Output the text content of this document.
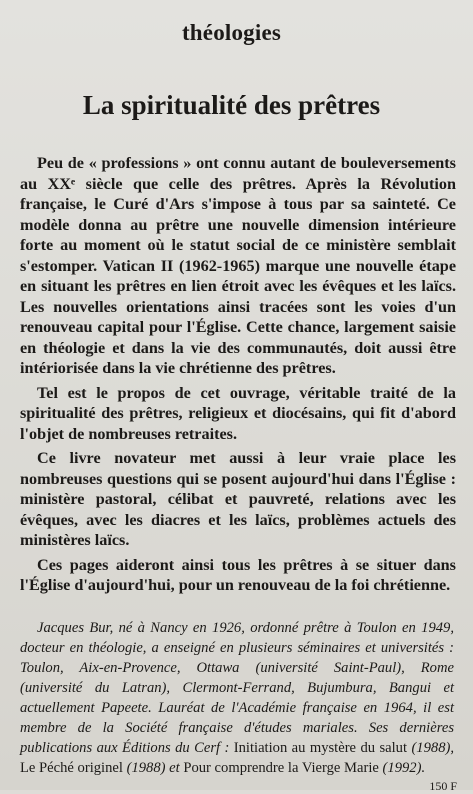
théologies
La spiritualité des prêtres

Peu de « professions » ont connu autant de bouleversements au XXᵉ siècle que celle des prêtres. Après la Révolution française, le Curé d'Ars s'impose à tous par sa sainteté. Ce modèle donna au prêtre une nouvelle dimension intérieure forte au moment où le statut social de ce ministère semblait s'estomper. Vatican II (1962-1965) marque une nouvelle étape en situant les prêtres en lien étroit avec les évêques et les laïcs. Les nouvelles orientations ainsi tracées sont les voies d'un renouveau capital pour l'Église. Cette chance, largement saisie en théologie et dans la vie des communautés, doit aussi être intériorisée dans la vie chrétienne des prêtres.

Tel est le propos de cet ouvrage, véritable traité de la spiritualité des prêtres, religieux et diocésains, qui fit d'abord l'objet de nombreuses retraites.

Ce livre novateur met aussi à leur vraie place les nombreuses questions qui se posent aujourd'hui dans l'Église : ministère pastoral, célibat et pauvreté, relations avec les évêques, avec les diacres et les laïcs, problèmes actuels des ministères laïcs.

Ces pages aideront ainsi tous les prêtres à se situer dans l'Église d'aujourd'hui, pour un renouveau de la foi chrétienne.

Jacques Bur, né à Nancy en 1926, ordonné prêtre à Toulon en 1949, docteur en théologie, a enseigné en plusieurs séminaires et universités : Toulon, Aix-en-Provence, Ottawa (université Saint-Paul), Rome (université du Latran), Clermont-Ferrand, Bujumbura, Bangui et actuellement Papeete. Lauréat de l'Académie française en 1964, il est membre de la Société française d'études mariales. Ses dernières publications aux Éditions du Cerf : Initiation au mystère du salut (1988), Le Péché originel (1988) et Pour comprendre la Vierge Marie (1992).
150 F
